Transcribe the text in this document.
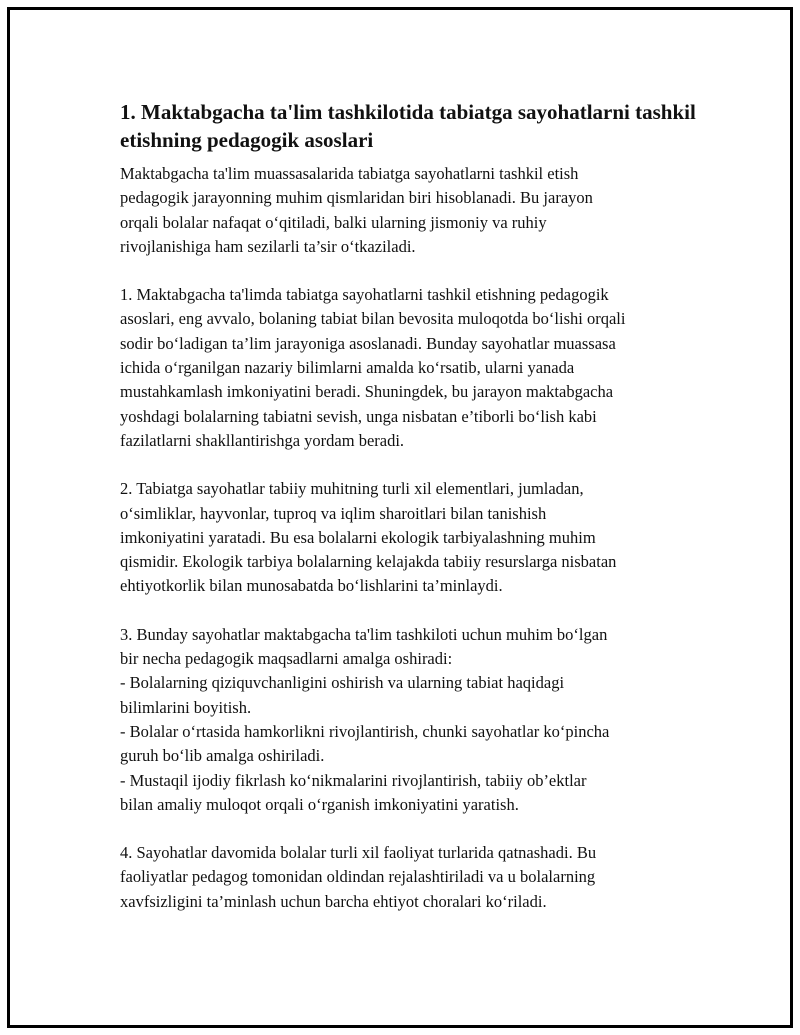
1. Maktabgacha ta'lim tashkilotida tabiatga sayohatlarni tashkil etishning pedagogik asoslari

Maktabgacha ta'lim muassasalarida tabiatga sayohatlarni tashkil etish
pedagogik jarayonning muhim qismlaridan biri hisoblanadi. Bu jarayon
orqali bolalar nafaqat o‘qitiladi, balki ularning jismoniy va ruhiy
rivojlanishiga ham sezilarli ta’sir o‘tkaziladi.

1. Maktabgacha ta'limda tabiatga sayohatlarni tashkil etishning pedagogik
asoslari, eng avvalo, bolaning tabiat bilan bevosita muloqotda bo‘lishi orqali
sodir bo‘ladigan ta’lim jarayoniga asoslanadi. Bunday sayohatlar muassasa
ichida o‘rganilgan nazariy bilimlarni amalda ko‘rsatib, ularni yanada
mustahkamlash imkoniyatini beradi. Shuningdek, bu jarayon maktabgacha
yoshdagi bolalarning tabiatni sevish, unga nisbatan e’tiborli bo‘lish kabi
fazilatlarni shakllantirishga yordam beradi.

2. Tabiatga sayohatlar tabiiy muhitning turli xil elementlari, jumladan,
o‘simliklar, hayvonlar, tuproq va iqlim sharoitlari bilan tanishish
imkoniyatini yaratadi. Bu esa bolalarni ekologik tarbiyalashning muhim
qismidir. Ekologik tarbiya bolalarning kelajakda tabiiy resurslarga nisbatan
ehtiyotkorlik bilan munosabatda bo‘lishlarini ta’minlaydi.

3. Bunday sayohatlar maktabgacha ta'lim tashkiloti uchun muhim bo‘lgan
bir necha pedagogik maqsadlarni amalga oshiradi:
- Bolalarning qiziquvchanligini oshirish va ularning tabiat haqidagi
bilimlarini boyitish.
- Bolalar o‘rtasida hamkorlikni rivojlantirish, chunki sayohatlar ko‘pincha
guruh bo‘lib amalga oshiriladi.
- Mustaqil ijodiy fikrlash ko‘nikmalarini rivojlantirish, tabiiy ob’ektlar
bilan amaliy muloqot orqali o‘rganish imkoniyatini yaratish.

4. Sayohatlar davomida bolalar turli xil faoliyat turlarida qatnashadi. Bu
faoliyatlar pedagog tomonidan oldindan rejalashtiriladi va u bolalarning
xavfsizligini ta’minlash uchun barcha ehtiyot choralari ko‘riladi.
